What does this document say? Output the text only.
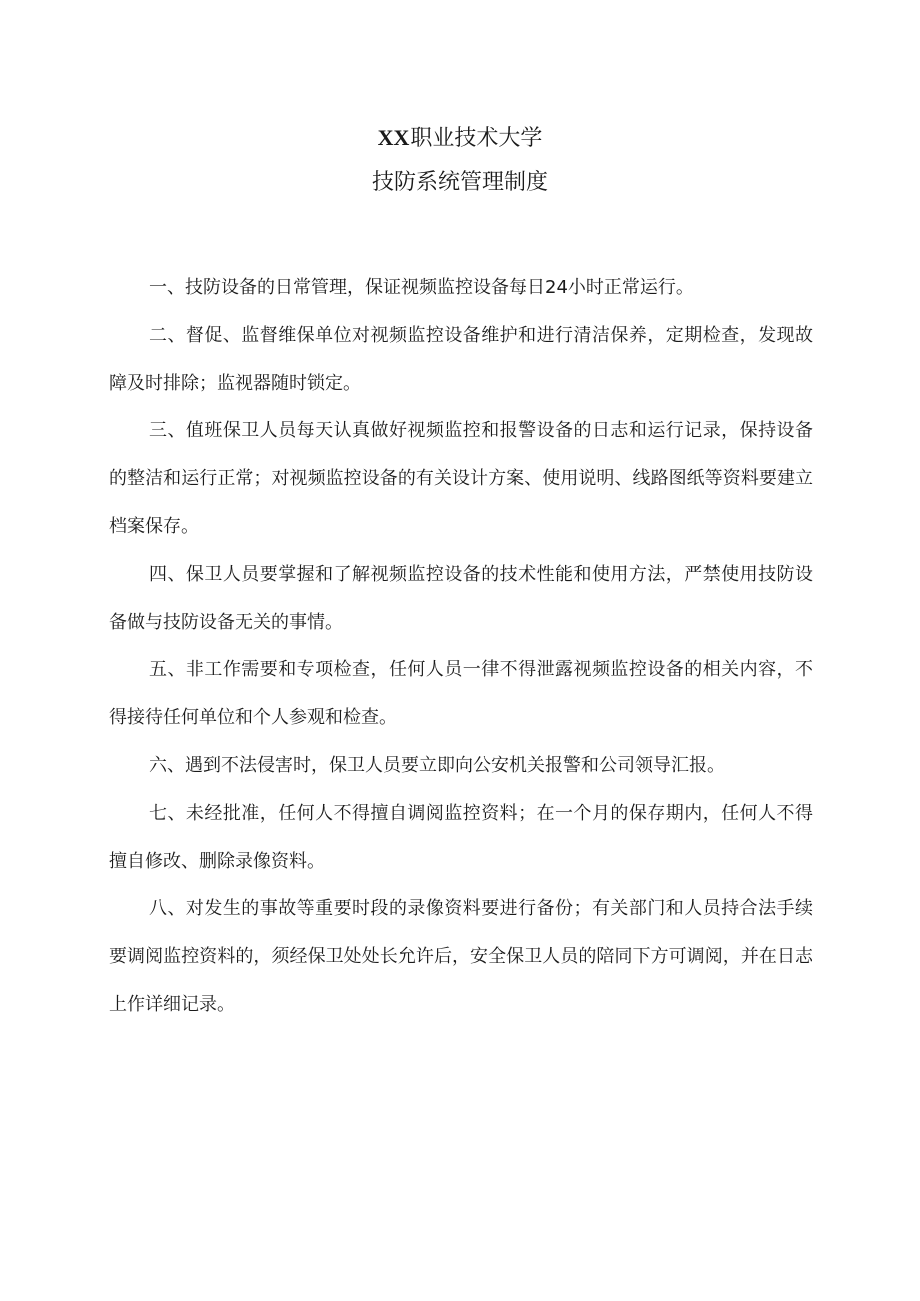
XX职业技术大学
技防系统管理制度

一、技防设备的日常管理，保证视频监控设备每日24小时正常运行。

二、督促、监督维保单位对视频监控设备维护和进行清洁保养，定期检查，发现故障及时排除；监视器随时锁定。

三、值班保卫人员每天认真做好视频监控和报警设备的日志和运行记录，保持设备的整洁和运行正常；对视频监控设备的有关设计方案、使用说明、线路图纸等资料要建立档案保存。

四、保卫人员要掌握和了解视频监控设备的技术性能和使用方法，严禁使用技防设备做与技防设备无关的事情。

五、非工作需要和专项检查，任何人员一律不得泄露视频监控设备的相关内容，不得接待任何单位和个人参观和检查。

六、遇到不法侵害时，保卫人员要立即向公安机关报警和公司领导汇报。

七、未经批准，任何人不得擅自调阅监控资料；在一个月的保存期内，任何人不得擅自修改、删除录像资料。

八、对发生的事故等重要时段的录像资料要进行备份；有关部门和人员持合法手续要调阅监控资料的，须经保卫处处长允许后，安全保卫人员的陪同下方可调阅，并在日志上作详细记录。
